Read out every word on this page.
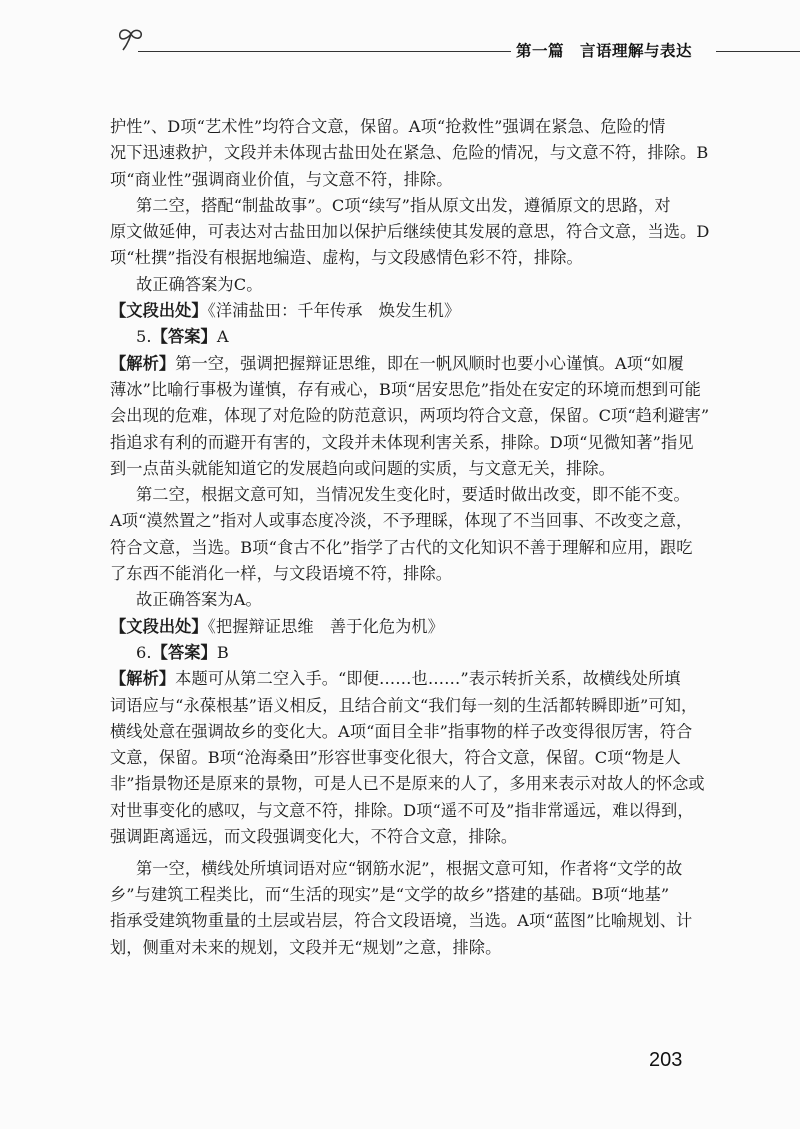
第一篇　言语理解与表达
护性”、D项“艺术性”均符合文意，保留。A项“抢救性”强调在紧急、危险的情
况下迅速救护，文段并未体现古盐田处在紧急、危险的情况，与文意不符，排除。B
项“商业性”强调商业价值，与文意不符，排除。
第二空，搭配“制盐故事”。C项“续写”指从原文出发，遵循原文的思路，对
原文做延伸，可表达对古盐田加以保护后继续使其发展的意思，符合文意，当选。D
项“杜撰”指没有根据地编造、虚构，与文段感情色彩不符，排除。
故正确答案为C。
【文段出处】《洋浦盐田：千年传承　焕发生机》
5.【答案】A
【解析】第一空，强调把握辩证思维，即在一帆风顺时也要小心谨慎。A项“如履
薄冰”比喻行事极为谨慎，存有戒心，B项“居安思危”指处在安定的环境而想到可能
会出现的危难，体现了对危险的防范意识，两项均符合文意，保留。C项“趋利避害”
指追求有利的而避开有害的，文段并未体现利害关系，排除。D项“见微知著”指见
到一点苗头就能知道它的发展趋向或问题的实质，与文意无关，排除。
第二空，根据文意可知，当情况发生变化时，要适时做出改变，即不能不变。
A项“漠然置之”指对人或事态度冷淡，不予理睬，体现了不当回事、不改变之意，
符合文意，当选。B项“食古不化”指学了古代的文化知识不善于理解和应用，跟吃
了东西不能消化一样，与文段语境不符，排除。
故正确答案为A。
【文段出处】《把握辩证思维　善于化危为机》
6.【答案】B
【解析】本题可从第二空入手。“即便……也……”表示转折关系，故横线处所填
词语应与“永葆根基”语义相反，且结合前文“我们每一刻的生活都转瞬即逝”可知，
横线处意在强调故乡的变化大。A项“面目全非”指事物的样子改变得很厉害，符合
文意，保留。B项“沧海桑田”形容世事变化很大，符合文意，保留。C项“物是人
非”指景物还是原来的景物，可是人已不是原来的人了，多用来表示对故人的怀念或
对世事变化的感叹，与文意不符，排除。D项“遥不可及”指非常遥远，难以得到，
强调距离遥远，而文段强调变化大，不符合文意，排除。
第一空，横线处所填词语对应“钢筋水泥”，根据文意可知，作者将“文学的故
乡”与建筑工程类比，而“生活的现实”是“文学的故乡”搭建的基础。B项“地基”
指承受建筑物重量的土层或岩层，符合文段语境，当选。A项“蓝图”比喻规划、计
划，侧重对未来的规划，文段并无“规划”之意，排除。
203
